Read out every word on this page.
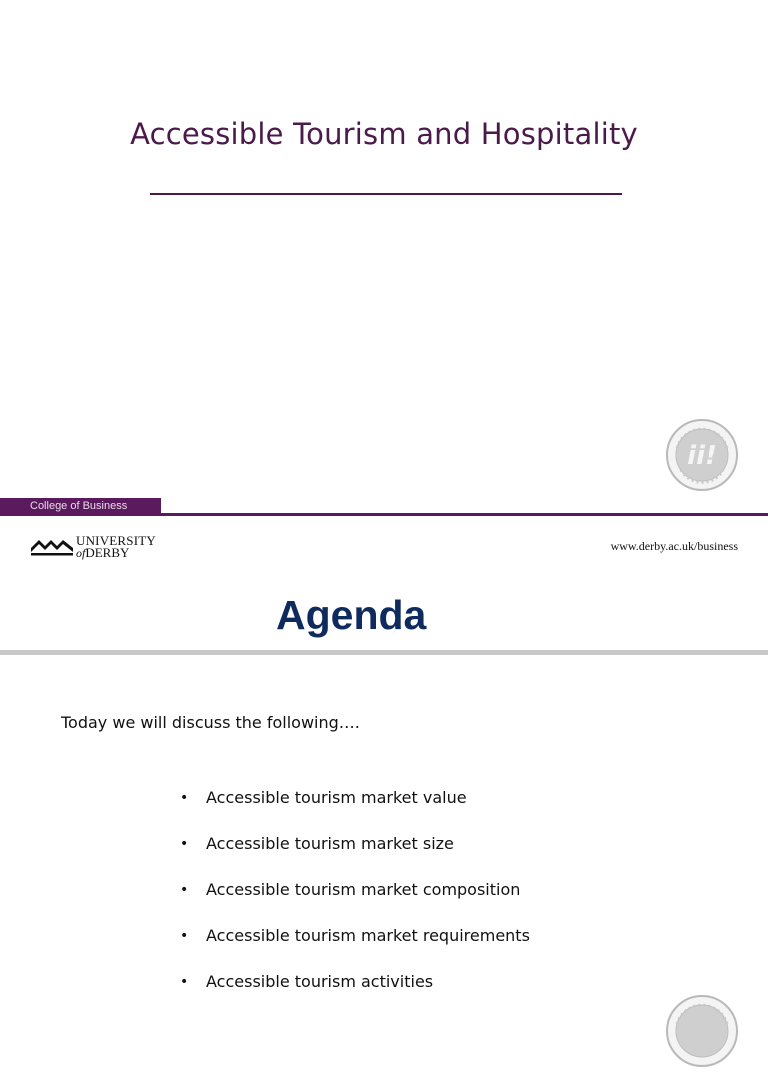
Accessible Tourism and Hospitality
ii!
College of Business
UNIVERSITY
ofDERBY	www.derby.ac.uk/business
Agenda
Today we will discuss the following….
• Accessible tourism market value
• Accessible tourism market size
• Accessible tourism market composition
• Accessible tourism market requirements
• Accessible tourism activities
